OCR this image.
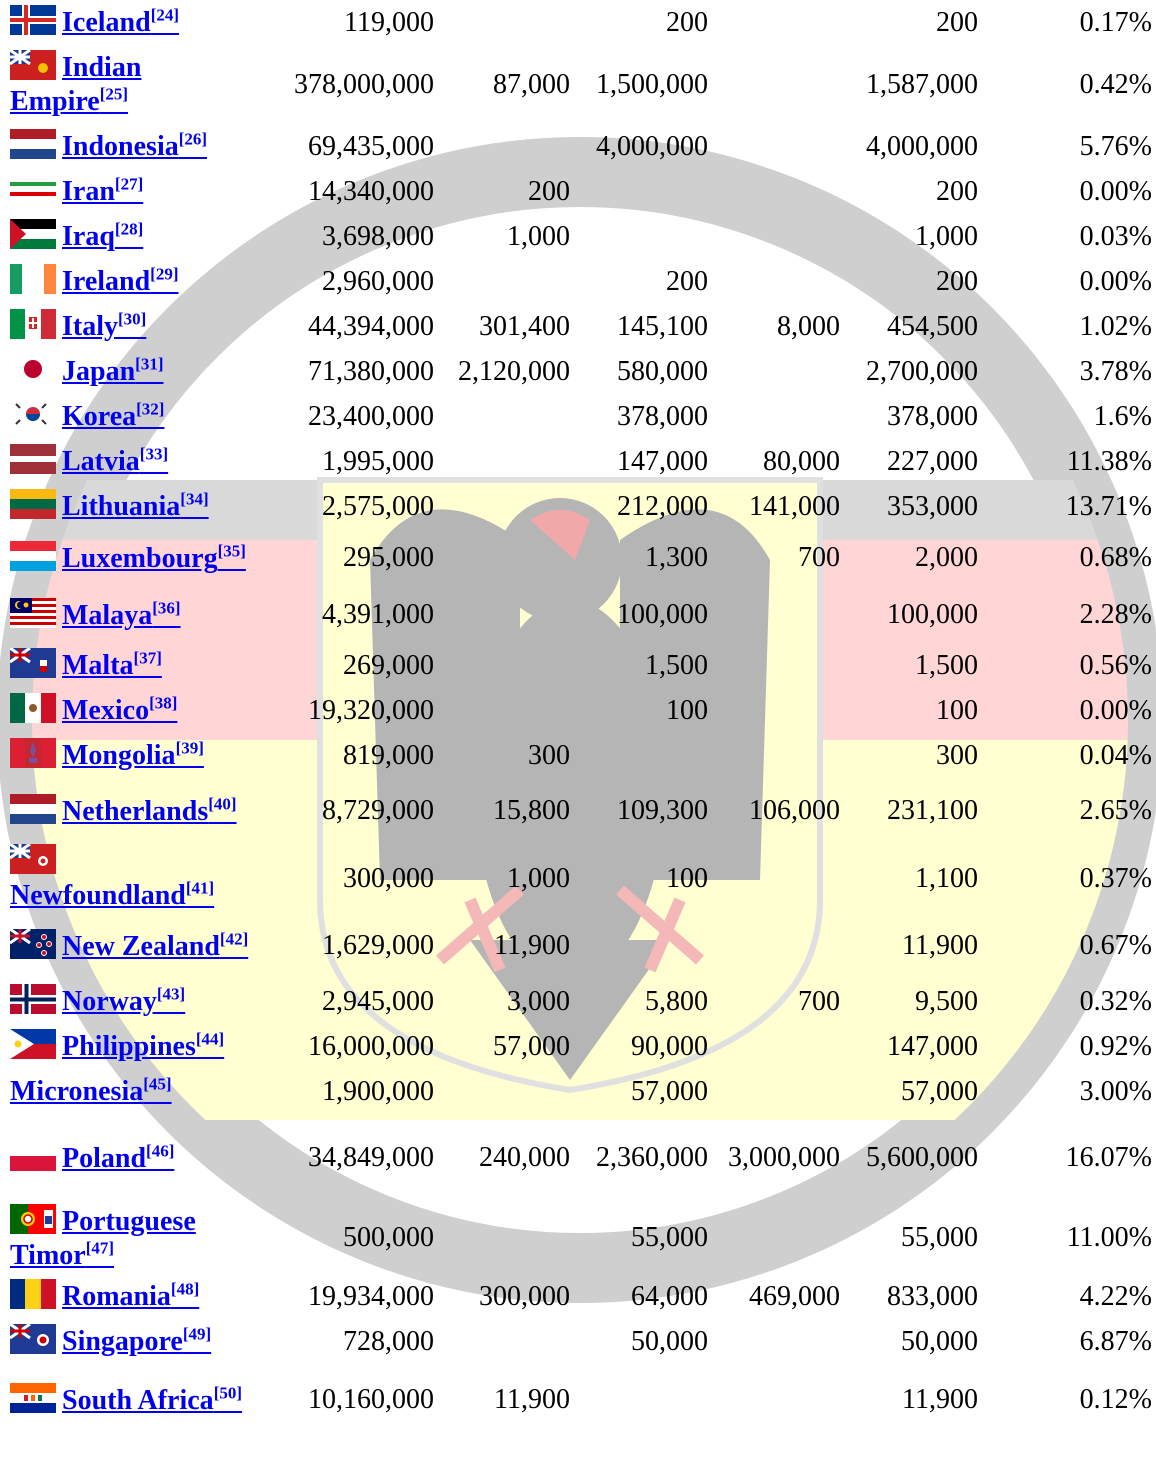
Iceland[24]	119,000		200		200	0.17%

Indian Empire[25]	378,000,000	87,000	1,500,000		1,587,000	0.42%

Indonesia[26]	69,435,000		4,000,000		4,000,000	5.76%

Iran[27]	14,340,000	200			200	0.00%

Iraq[28]	3,698,000	1,000			1,000	0.03%

Ireland[29]	2,960,000		200		200	0.00%

Italy[30]	44,394,000	301,400	145,100	8,000	454,500	1.02%

Japan[31]	71,380,000	2,120,000	580,000		2,700,000	3.78%

Korea[32]	23,400,000		378,000		378,000	1.6%

Latvia[33]	1,995,000		147,000	80,000	227,000	11.38%

Lithuania[34]	2,575,000		212,000	141,000	353,000	13.71%

Luxembourg[35]	295,000		1,300	700	2,000	0.68%

Malaya[36]	4,391,000		100,000		100,000	2.28%

Malta[37]	269,000		1,500		1,500	0.56%

Mexico[38]	19,320,000		100		100	0.00%

Mongolia[39]	819,000	300			300	0.04%

Netherlands[40]	8,729,000	15,800	109,300	106,000	231,100	2.65%

Newfoundland[41]	300,000	1,000	100		1,100	0.37%

New Zealand[42]	1,629,000	11,900			11,900	0.67%

Norway[43]	2,945,000	3,000	5,800	700	9,500	0.32%

Philippines[44]	16,000,000	57,000	90,000		147,000	0.92%
Micronesia[45]	1,900,000		57,000		57,000	3.00%

Poland[46]	34,849,000	240,000	2,360,000	3,000,000	5,600,000	16.07%

Portuguese Timor[47]	500,000		55,000		55,000	11.00%

Romania[48]	19,934,000	300,000	64,000	469,000	833,000	4.22%

Singapore[49]	728,000		50,000		50,000	6.87%

South Africa[50]	10,160,000	11,900			11,900	0.12%
